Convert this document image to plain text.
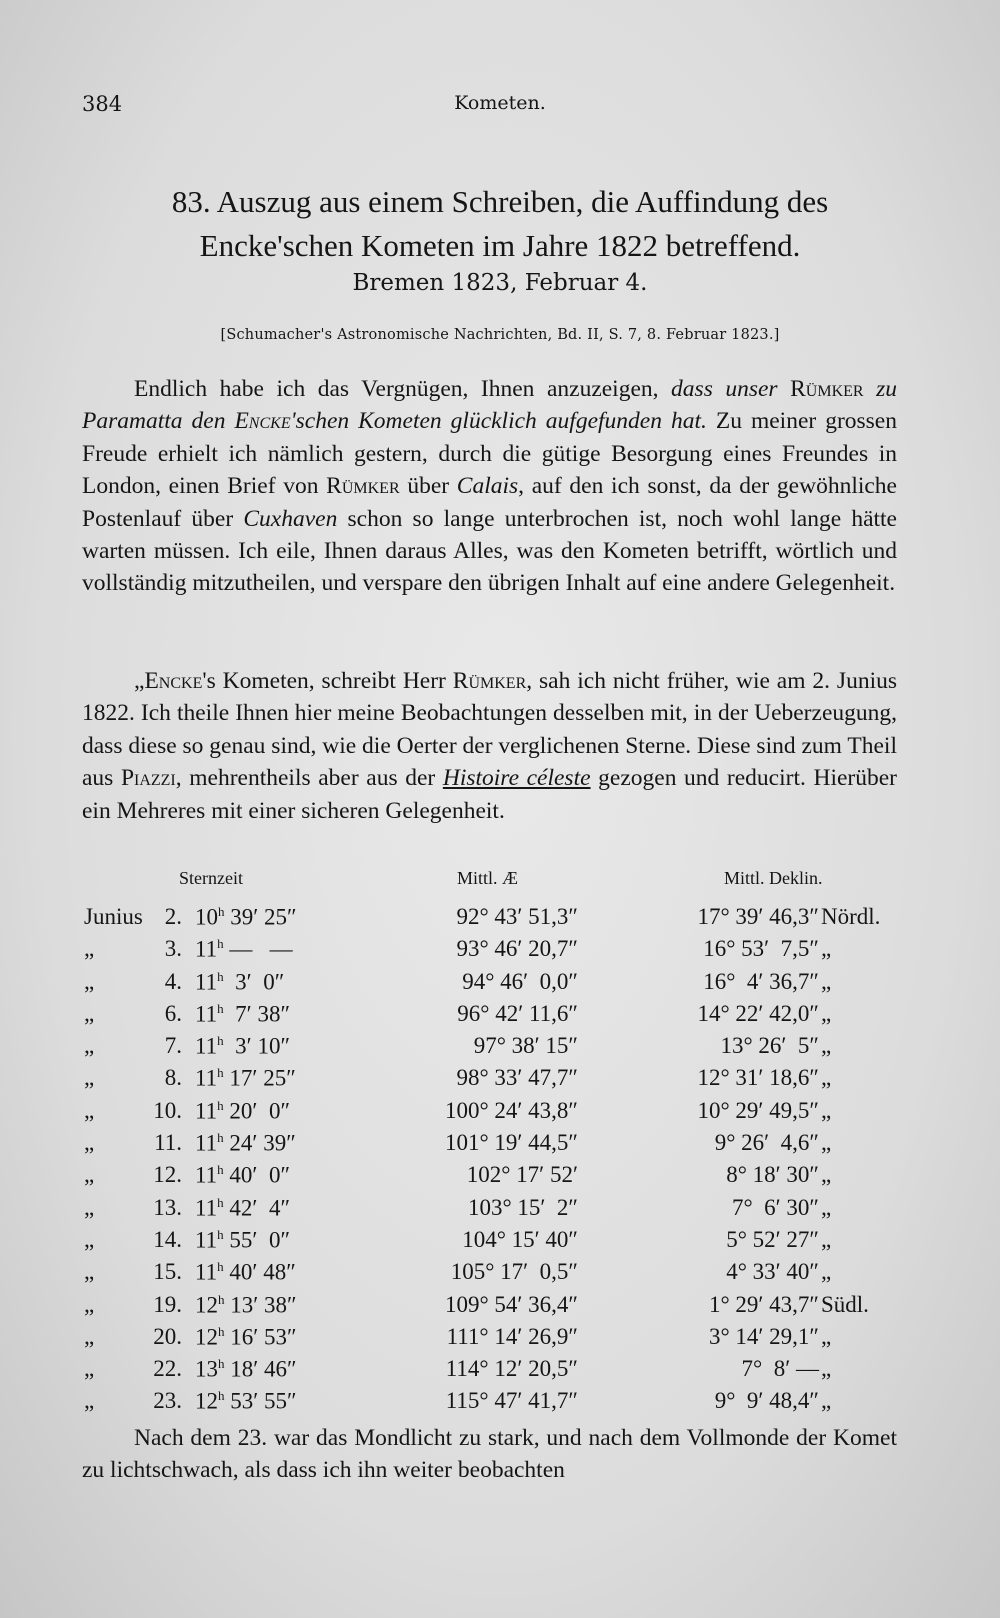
384	Kometen.
83. Auszug aus einem Schreiben, die Auffindung des
Encke'schen Kometen im Jahre 1822 betreffend.
Bremen 1823, Februar 4.
[Schumacher's Astronomische Nachrichten, Bd. II, S. 7, 8. Februar 1823.]

Endlich habe ich das Vergnügen, Ihnen anzuzeigen, dass unser Rümker zu Paramatta den Encke'schen Kometen glücklich aufgefunden hat. Zu meiner grossen Freude erhielt ich nämlich gestern, durch die gütige Besorgung eines Freundes in London, einen Brief von Rümker über Calais, auf den ich sonst, da der gewöhnliche Postenlauf über Cuxhaven schon so lange unterbrochen ist, noch wohl lange hätte warten müssen. Ich eile, Ihnen daraus Alles, was den Kometen betrifft, wörtlich und vollständig mitzutheilen, und verspare den übrigen Inhalt auf eine andere Gelegenheit.

„Encke's Kometen, schreibt Herr Rümker, sah ich nicht früher, wie am 2. Junius 1822. Ich theile Ihnen hier meine Beobachtungen desselben mit, in der Ueberzeugung, dass diese so genau sind, wie die Oerter der verglichenen Sterne. Diese sind zum Theil aus Piazzi, mehrentheils aber aus der Histoire céleste gezogen und reducirt. Hierüber ein Mehreres mit einer sicheren Gelegenheit.

Sternzeit	Mittl. Æ	Mittl. Deklin.
Junius 2. 10$^h$ 39′ 25″	92° 43′ 51,3″	17° 39′ 46,3″ Nördl.
„	3. 11$^h$ —   —	93° 46′ 20,7″	16° 53′  7,5″ „
„	4. 11$^h$  3′  0″	94° 46′  0,0″	16°  4′ 36,7″ „
„	6. 11$^h$  7′ 38″	96° 42′ 11,6″	14° 22′ 42,0″ „
„	7. 11$^h$  3′ 10″	97° 38′ 15″	13° 26′  5″ „
„	8. 11$^h$ 17′ 25″	98° 33′ 47,7″	12° 31′ 18,6″ „
„	10. 11$^h$ 20′  0″	100° 24′ 43,8″	10° 29′ 49,5″ „
„	11. 11$^h$ 24′ 39″	101° 19′ 44,5″	9° 26′  4,6″ „
„	12. 11$^h$ 40′  0″	102° 17′ 52′	8° 18′ 30″ „
„	13. 11$^h$ 42′  4″	103° 15′  2″	7°  6′ 30″ „
„	14. 11$^h$ 55′  0″	104° 15′ 40″	5° 52′ 27″ „
„	15. 11$^h$ 40′ 48″	105° 17′  0,5″	4° 33′ 40″ „
„	19. 12$^h$ 13′ 38″	109° 54′ 36,4″	1° 29′ 43,7″ Südl.
„	20. 12$^h$ 16′ 53″	111° 14′ 26,9″	3° 14′ 29,1″ „
„	22. 13$^h$ 18′ 46″	114° 12′ 20,5″	7°  8′ — „
„	23. 12$^h$ 53′ 55″	115° 47′ 41,7″	9°  9′ 48,4″ „

Nach dem 23. war das Mondlicht zu stark, und nach dem Vollmonde der Komet zu lichtschwach, als dass ich ihn weiter beobachten
